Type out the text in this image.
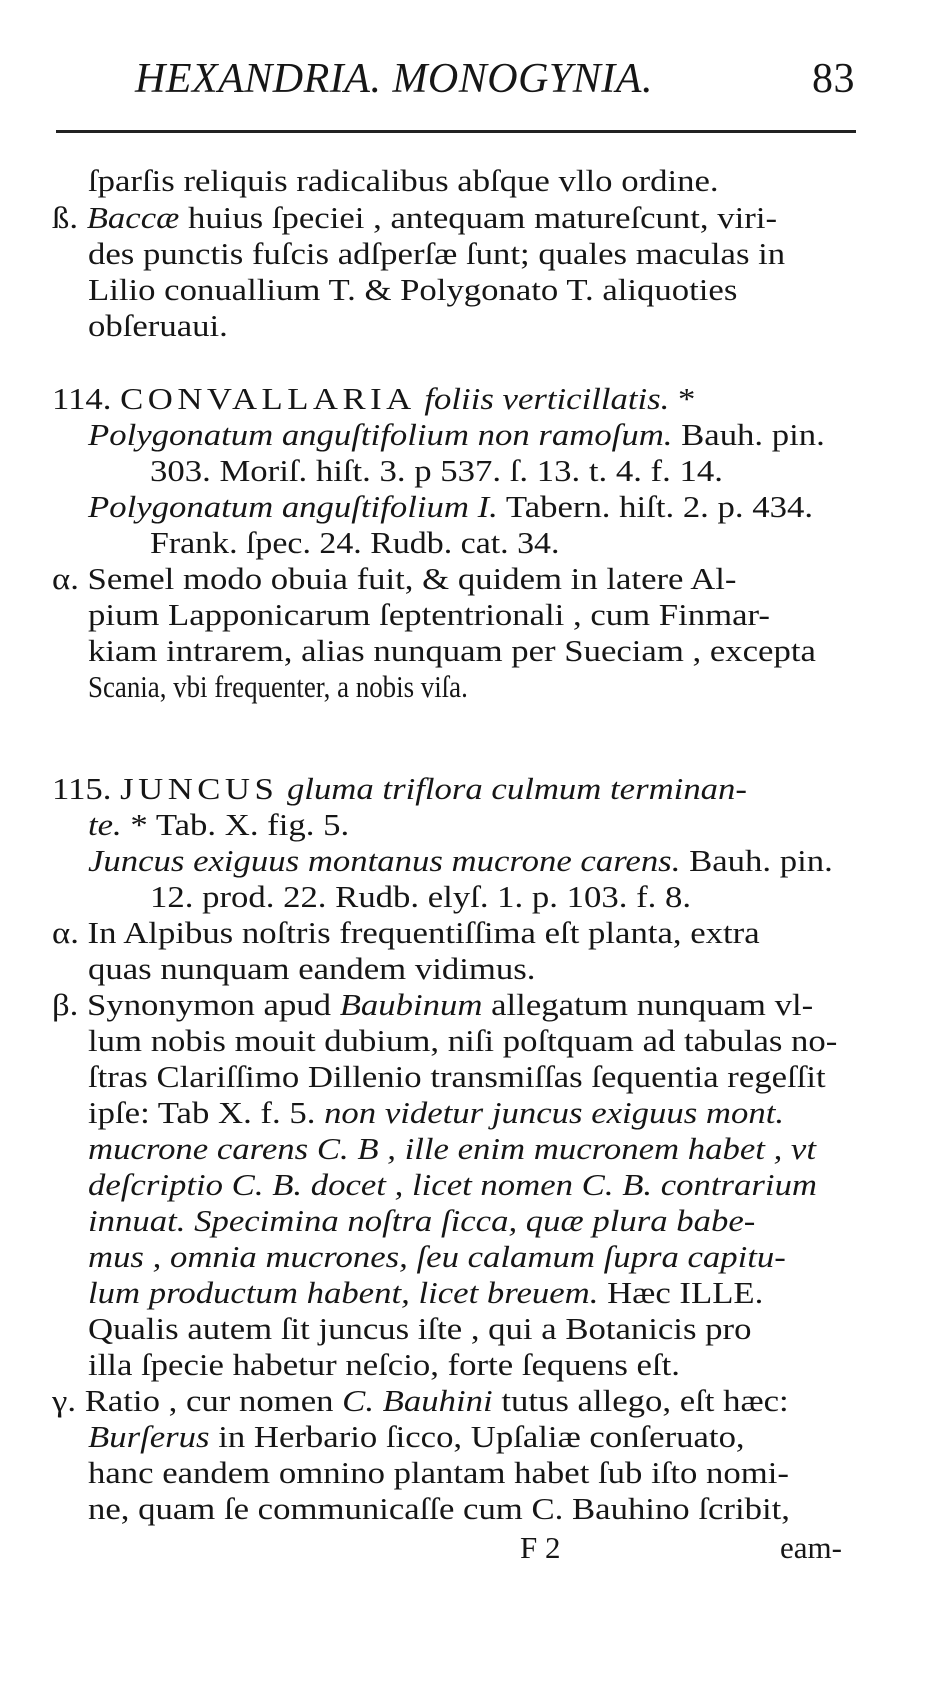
HEXANDRIA. MONOGYNIA.	83
ſparſis reliquis radicalibus abſque vllo ordine.
ß. Baccæ huius ſpeciei , antequam matureſcunt, viri-
des punctis fuſcis adſperſæ ſunt; quales maculas in
Lilio conuallium T. & Polygonato T. aliquoties
obſeruaui.
114. CONVALLARIA foliis verticillatis. *
Polygonatum anguſtifolium non ramoſum. Bauh. pin.
303. Moriſ. hiſt. 3. p 537. ſ. 13. t. 4. f. 14.
Polygonatum anguſtifolium I. Tabern. hiſt. 2. p. 434.
Frank. ſpec. 24. Rudb. cat. 34.
α. Semel modo obuia fuit, & quidem in latere Al-
pium Lapponicarum ſeptentrionali , cum Finmar-
kiam intrarem, alias nunquam per Sueciam , excepta
Scania, vbi frequenter, a nobis viſa.
115. JUNCUS gluma triflora culmum terminan-
te. * Tab. X. fig. 5.
Juncus exiguus montanus mucrone carens. Bauh. pin.
12. prod. 22. Rudb. elyſ. 1. p. 103. f. 8.
α. In Alpibus noſtris frequentiſſima eſt planta, extra
quas nunquam eandem vidimus.
β. Synonymon apud Baubinum allegatum nunquam vl-
lum nobis mouit dubium, niſi poſtquam ad tabulas no-
ſtras Clariſſimo Dillenio transmiſſas ſequentia regeſſit
ipſe: Tab X. f. 5. non videtur juncus exiguus mont.
mucrone carens C. B , ille enim mucronem habet , vt
deſcriptio C. B. docet , licet nomen C. B. contrarium
innuat. Specimina noſtra ſicca, quæ plura babe-
mus , omnia mucrones, ſeu calamum ſupra capitu-
lum productum habent, licet breuem. Hæc ILLE.
Qualis autem ſit juncus iſte , qui a Botanicis pro
illa ſpecie habetur neſcio, forte ſequens eſt.
γ. Ratio , cur nomen C. Bauhini tutus allego, eſt hæc:
Burſerus in Herbario ſicco, Upſaliæ conſeruato,
hanc eandem omnino plantam habet ſub iſto nomi-
ne, quam ſe communicaſſe cum C. Bauhino ſcribit,
F 2	eam-
